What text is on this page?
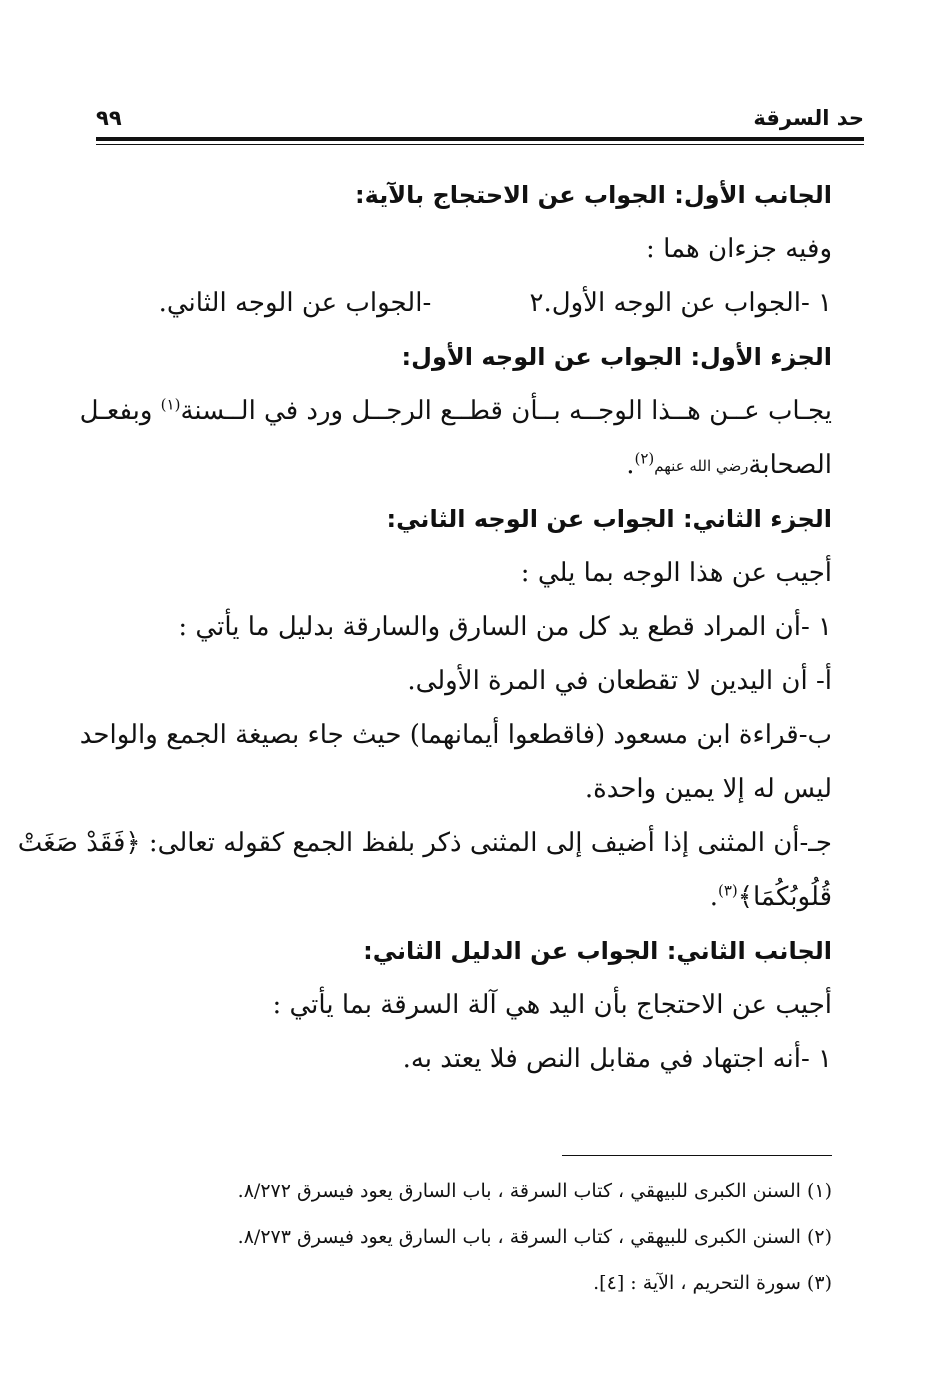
حد السرقة
٩٩
الجانب الأول: الجواب عن الاحتجاج بالآية:
وفيه جزءان هما :
١ -الجواب عن الوجه الأول.٢ -الجواب عن الوجه الثاني.
الجزء الأول: الجواب عن الوجه الأول:
يجـاب عــن هــذا الوجــه بــأن قطــع الرجــل ورد في الــسنة$^{(١)}$ وبفعـل
الصحابةرضي الله عنهم$^{(٢)}$.
الجزء الثاني: الجواب عن الوجه الثاني:
أجيب عن هذا الوجه بما يلي :
١ -أن المراد قطع يد كل من السارق والسارقة بدليل ما يأتي :
أ- أن اليدين لا تقطعان في المرة الأولى.
ب-قراءة ابن مسعود (فاقطعوا أيمانهما) حيث جاء بصيغة الجمع والواحد
ليس له إلا يمين واحدة.
جـ-أن المثنى إذا أضيف إلى المثنى ذكر بلفظ الجمع كقوله تعالى: ﴿فَقَدْ صَغَتْ
قُلُوبُكُمَا﴾$^{(٣)}$.
الجانب الثاني: الجواب عن الدليل الثاني:
أجيب عن الاحتجاج بأن اليد هي آلة السرقة بما يأتي :
١ -أنه اجتهاد في مقابل النص فلا يعتد به.
(١) السنن الكبرى للبيهقي ، كتاب السرقة ، باب السارق يعود فيسرق ٨/٢٧٢.
(٢) السنن الكبرى للبيهقي ، كتاب السرقة ، باب السارق يعود فيسرق ٨/٢٧٣.
(٣) سورة التحريم ، الآية : [٤].
